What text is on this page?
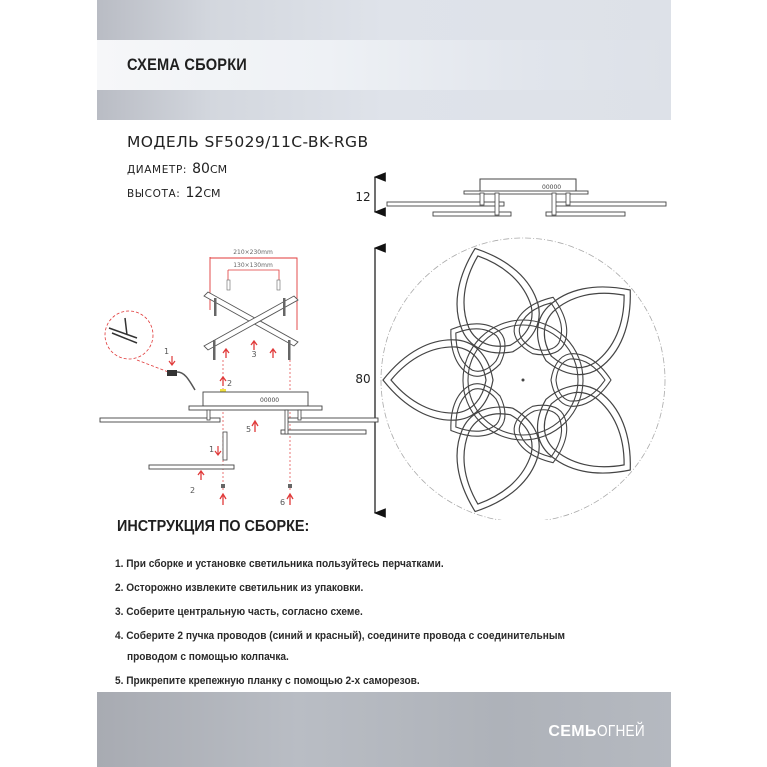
СХЕМА СБОРКИ
МОДЕЛЬ SF5029/11C-BK-RGB
ДИАМЕТР: 80СМ
ВЫСОТА: 12СМ	12
00000
80
210×230mm
130×130mm
3
1
2
00000
5
1
2
6
ИНСТРУКЦИЯ ПО СБОРКЕ:
1. При сборке и установке светильника пользуйтесь перчатками.
2. Осторожно извлеките светильник из упаковки.
3. Соберите центральную часть, согласно схеме.
4. Соберите 2 пучка проводов (синий и красный), соедините провода с соединительным
проводом с помощью колпачка.
5. Прикрепите крепежную планку с помощью 2-х саморезов.
СЕМЬОГНЕЙ
